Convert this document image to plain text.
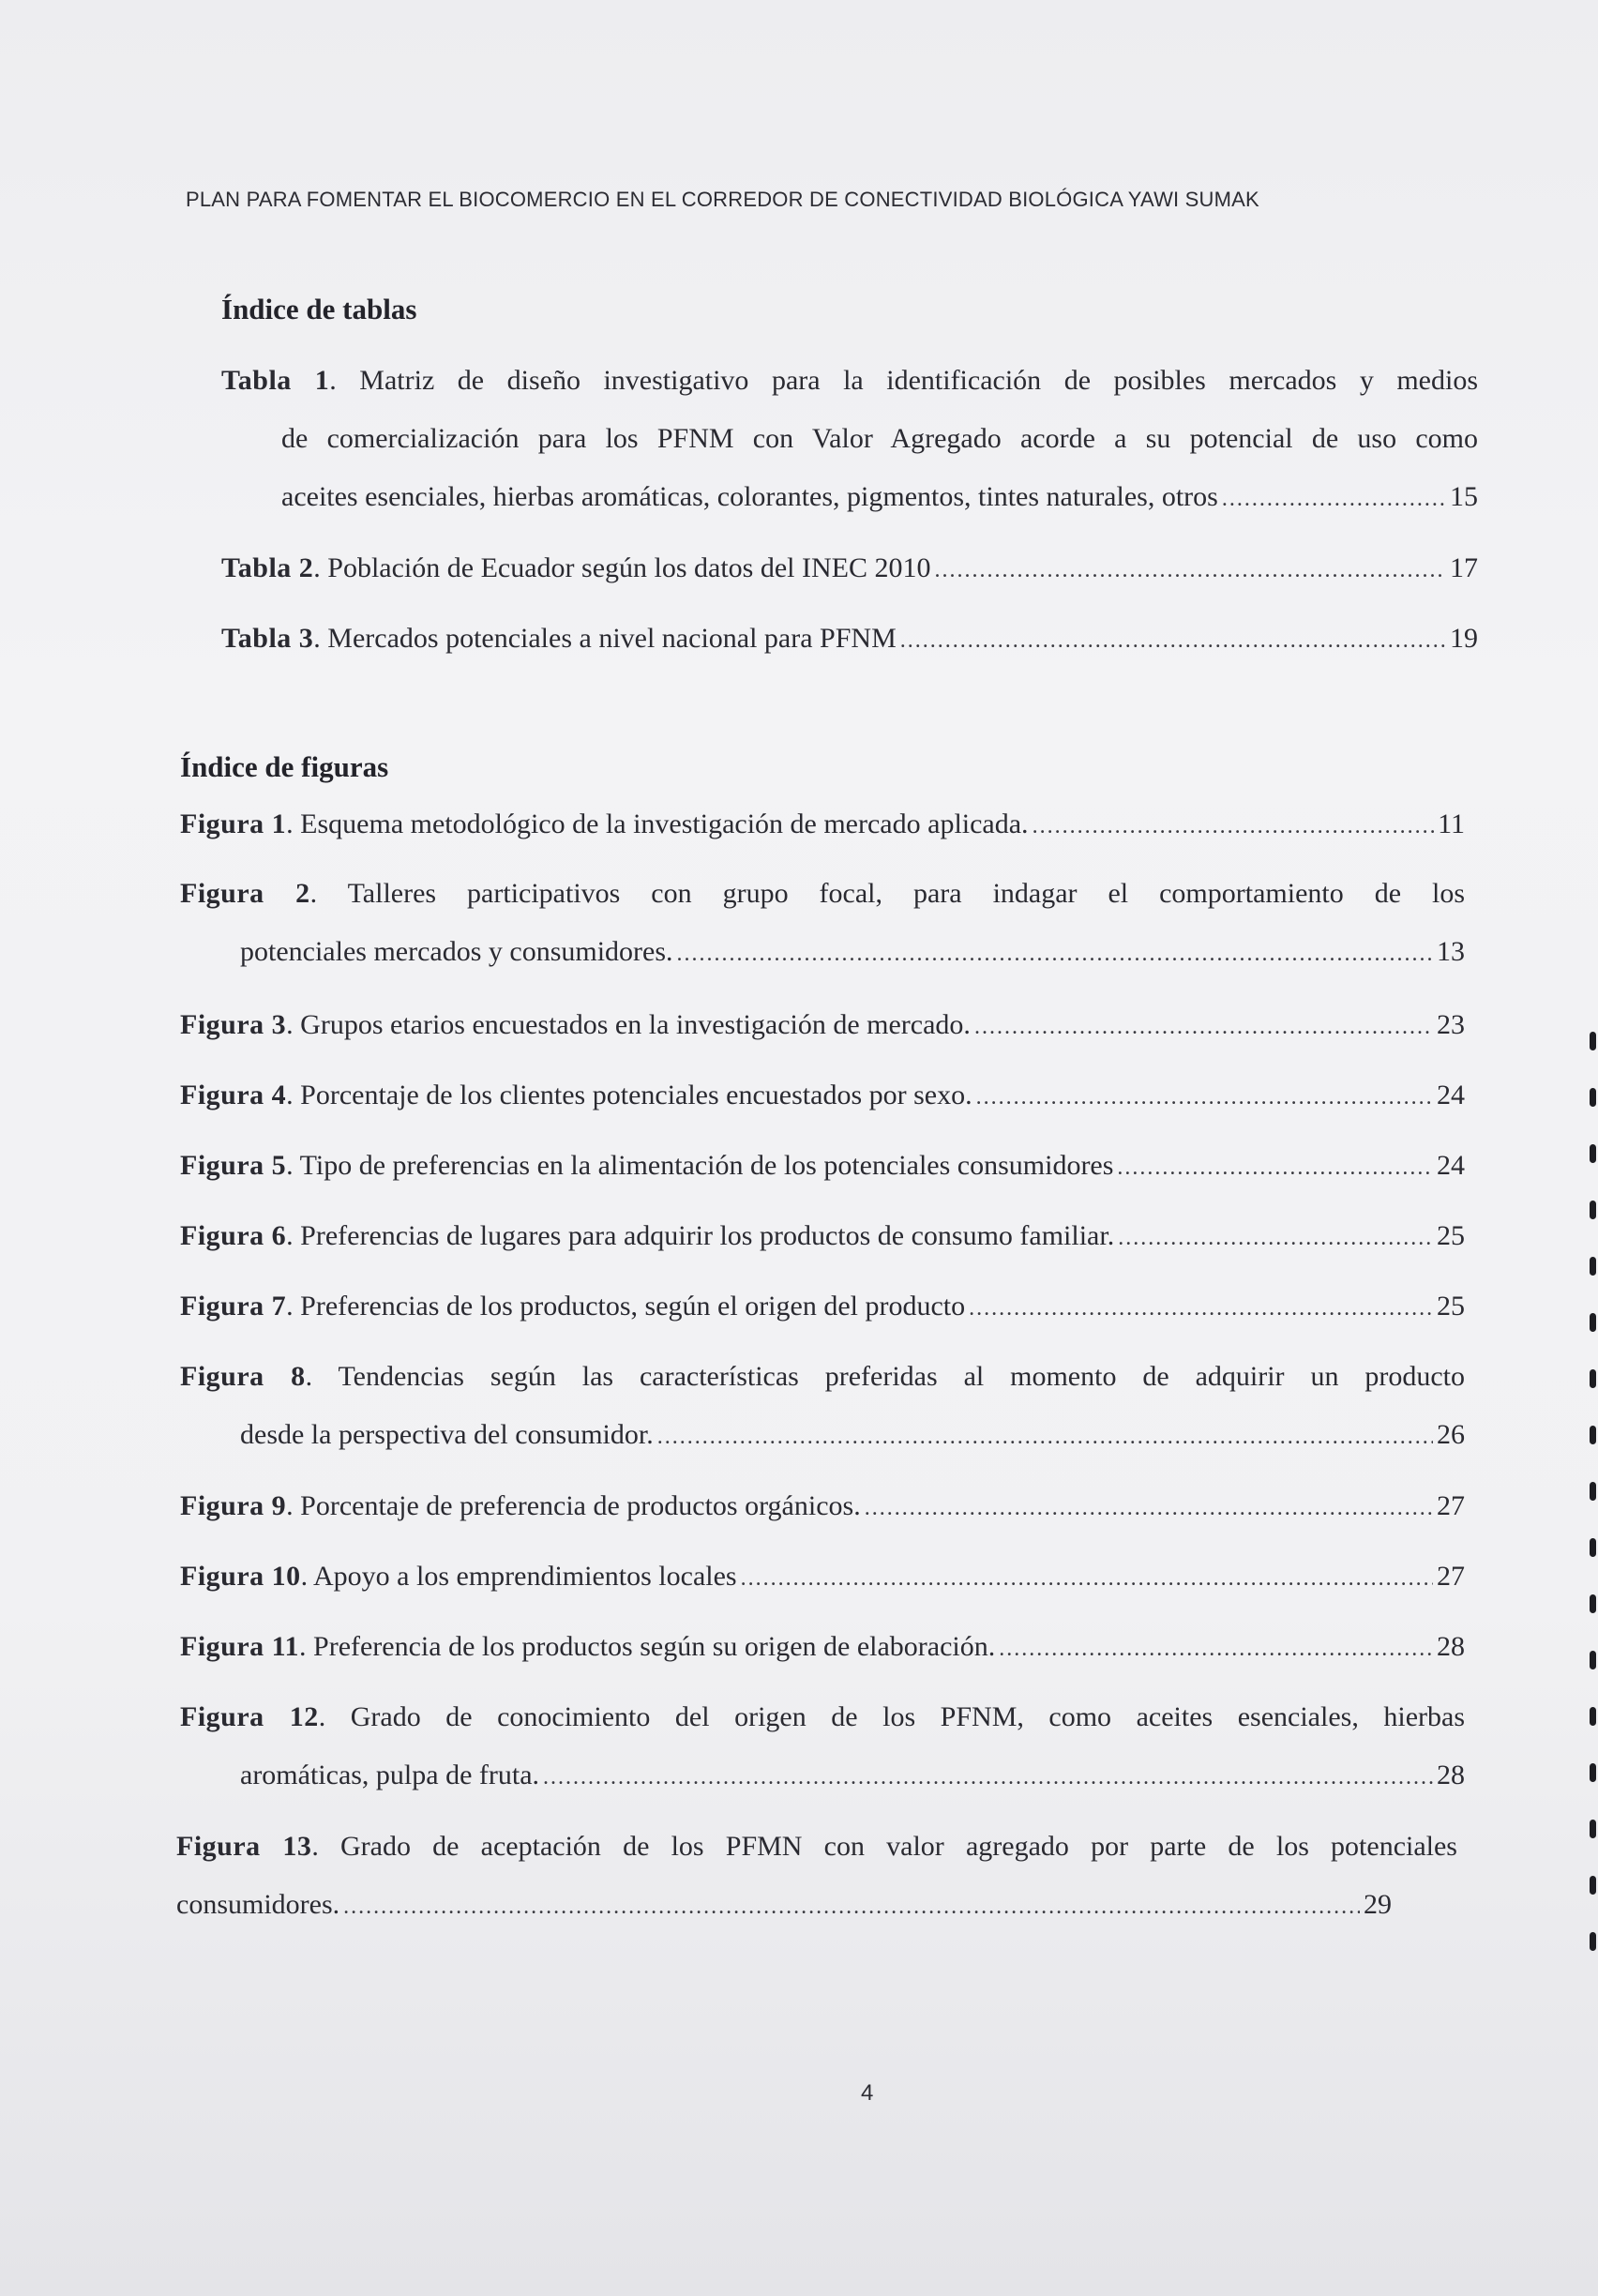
PLAN PARA FOMENTAR EL BIOCOMERCIO EN EL CORREDOR DE CONECTIVIDAD BIOLÓGICA YAWI SUMAK
Índice de tablas
Tabla 1. Matriz de diseño investigativo para la identificación de posibles mercados y medios
de comercialización para los PFNM con Valor Agregado acorde a su potencial de uso como
aceites esenciales, hierbas aromáticas, colorantes, pigmentos, tintes naturales, otros .....	15
Tabla 2. Población de Ecuador según los datos del INEC 2010 .....	17
Tabla 3. Mercados potenciales a nivel nacional para PFNM .....	19
Índice de figuras
Figura 1. Esquema metodológico de la investigación de mercado aplicada. .....	11
Figura 2. Talleres participativos con grupo focal, para indagar el comportamiento de los
potenciales mercados y consumidores. .....	13
Figura 3. Grupos etarios encuestados en la investigación de mercado. .....	23
Figura 4. Porcentaje de los clientes potenciales encuestados por sexo. .....	24
Figura 5. Tipo de preferencias en la alimentación de los potenciales consumidores .....	24
Figura 6. Preferencias de lugares para adquirir los productos de consumo familiar. .....	25
Figura 7. Preferencias de los productos, según el origen del producto .....	25
Figura 8. Tendencias según las características preferidas al momento de adquirir un producto
desde la perspectiva del consumidor. .....	26
Figura 9. Porcentaje de preferencia de productos orgánicos. .....	27
Figura 10. Apoyo a los emprendimientos locales .....	27
Figura 11. Preferencia de los productos según su origen de elaboración. .....	28
Figura 12. Grado de conocimiento del origen de los PFNM, como aceites esenciales, hierbas
aromáticas, pulpa de fruta. .....	28
Figura 13. Grado de aceptación de los PFMN con valor agregado por parte de los potenciales
consumidores. .....	29
4
